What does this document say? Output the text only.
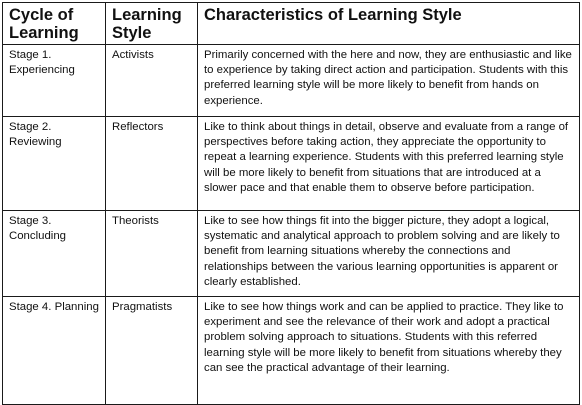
Cycle of Learning	Learning Style	Characteristics of Learning Style
Stage 1. Experiencing	Activists	Primarily concerned with the here and now, they are enthusiastic and like to experience by taking direct action and participation. Students with this preferred learning style will be more likely to benefit from hands on experience.
Stage 2. Reviewing	Reflectors	Like to think about things in detail, observe and evaluate from a range of perspectives before taking action, they appreciate the opportunity to repeat a learning experience. Students with this preferred learning style will be more likely to benefit from situations that are introduced at a slower pace and that enable them to observe before participation.
Stage 3. Concluding	Theorists	Like to see how things fit into the bigger picture, they adopt a logical, systematic and analytical approach to problem solving and are likely to benefit from learning situations whereby the connections and relationships between the various learning opportunities is apparent or clearly established.
Stage 4. Planning	Pragmatists	Like to see how things work and can be applied to practice. They like to experiment and see the relevance of their work and adopt a practical problem solving approach to situations. Students with this referred learning style will be more likely to benefit from situations whereby they can see the practical advantage of their learning.
